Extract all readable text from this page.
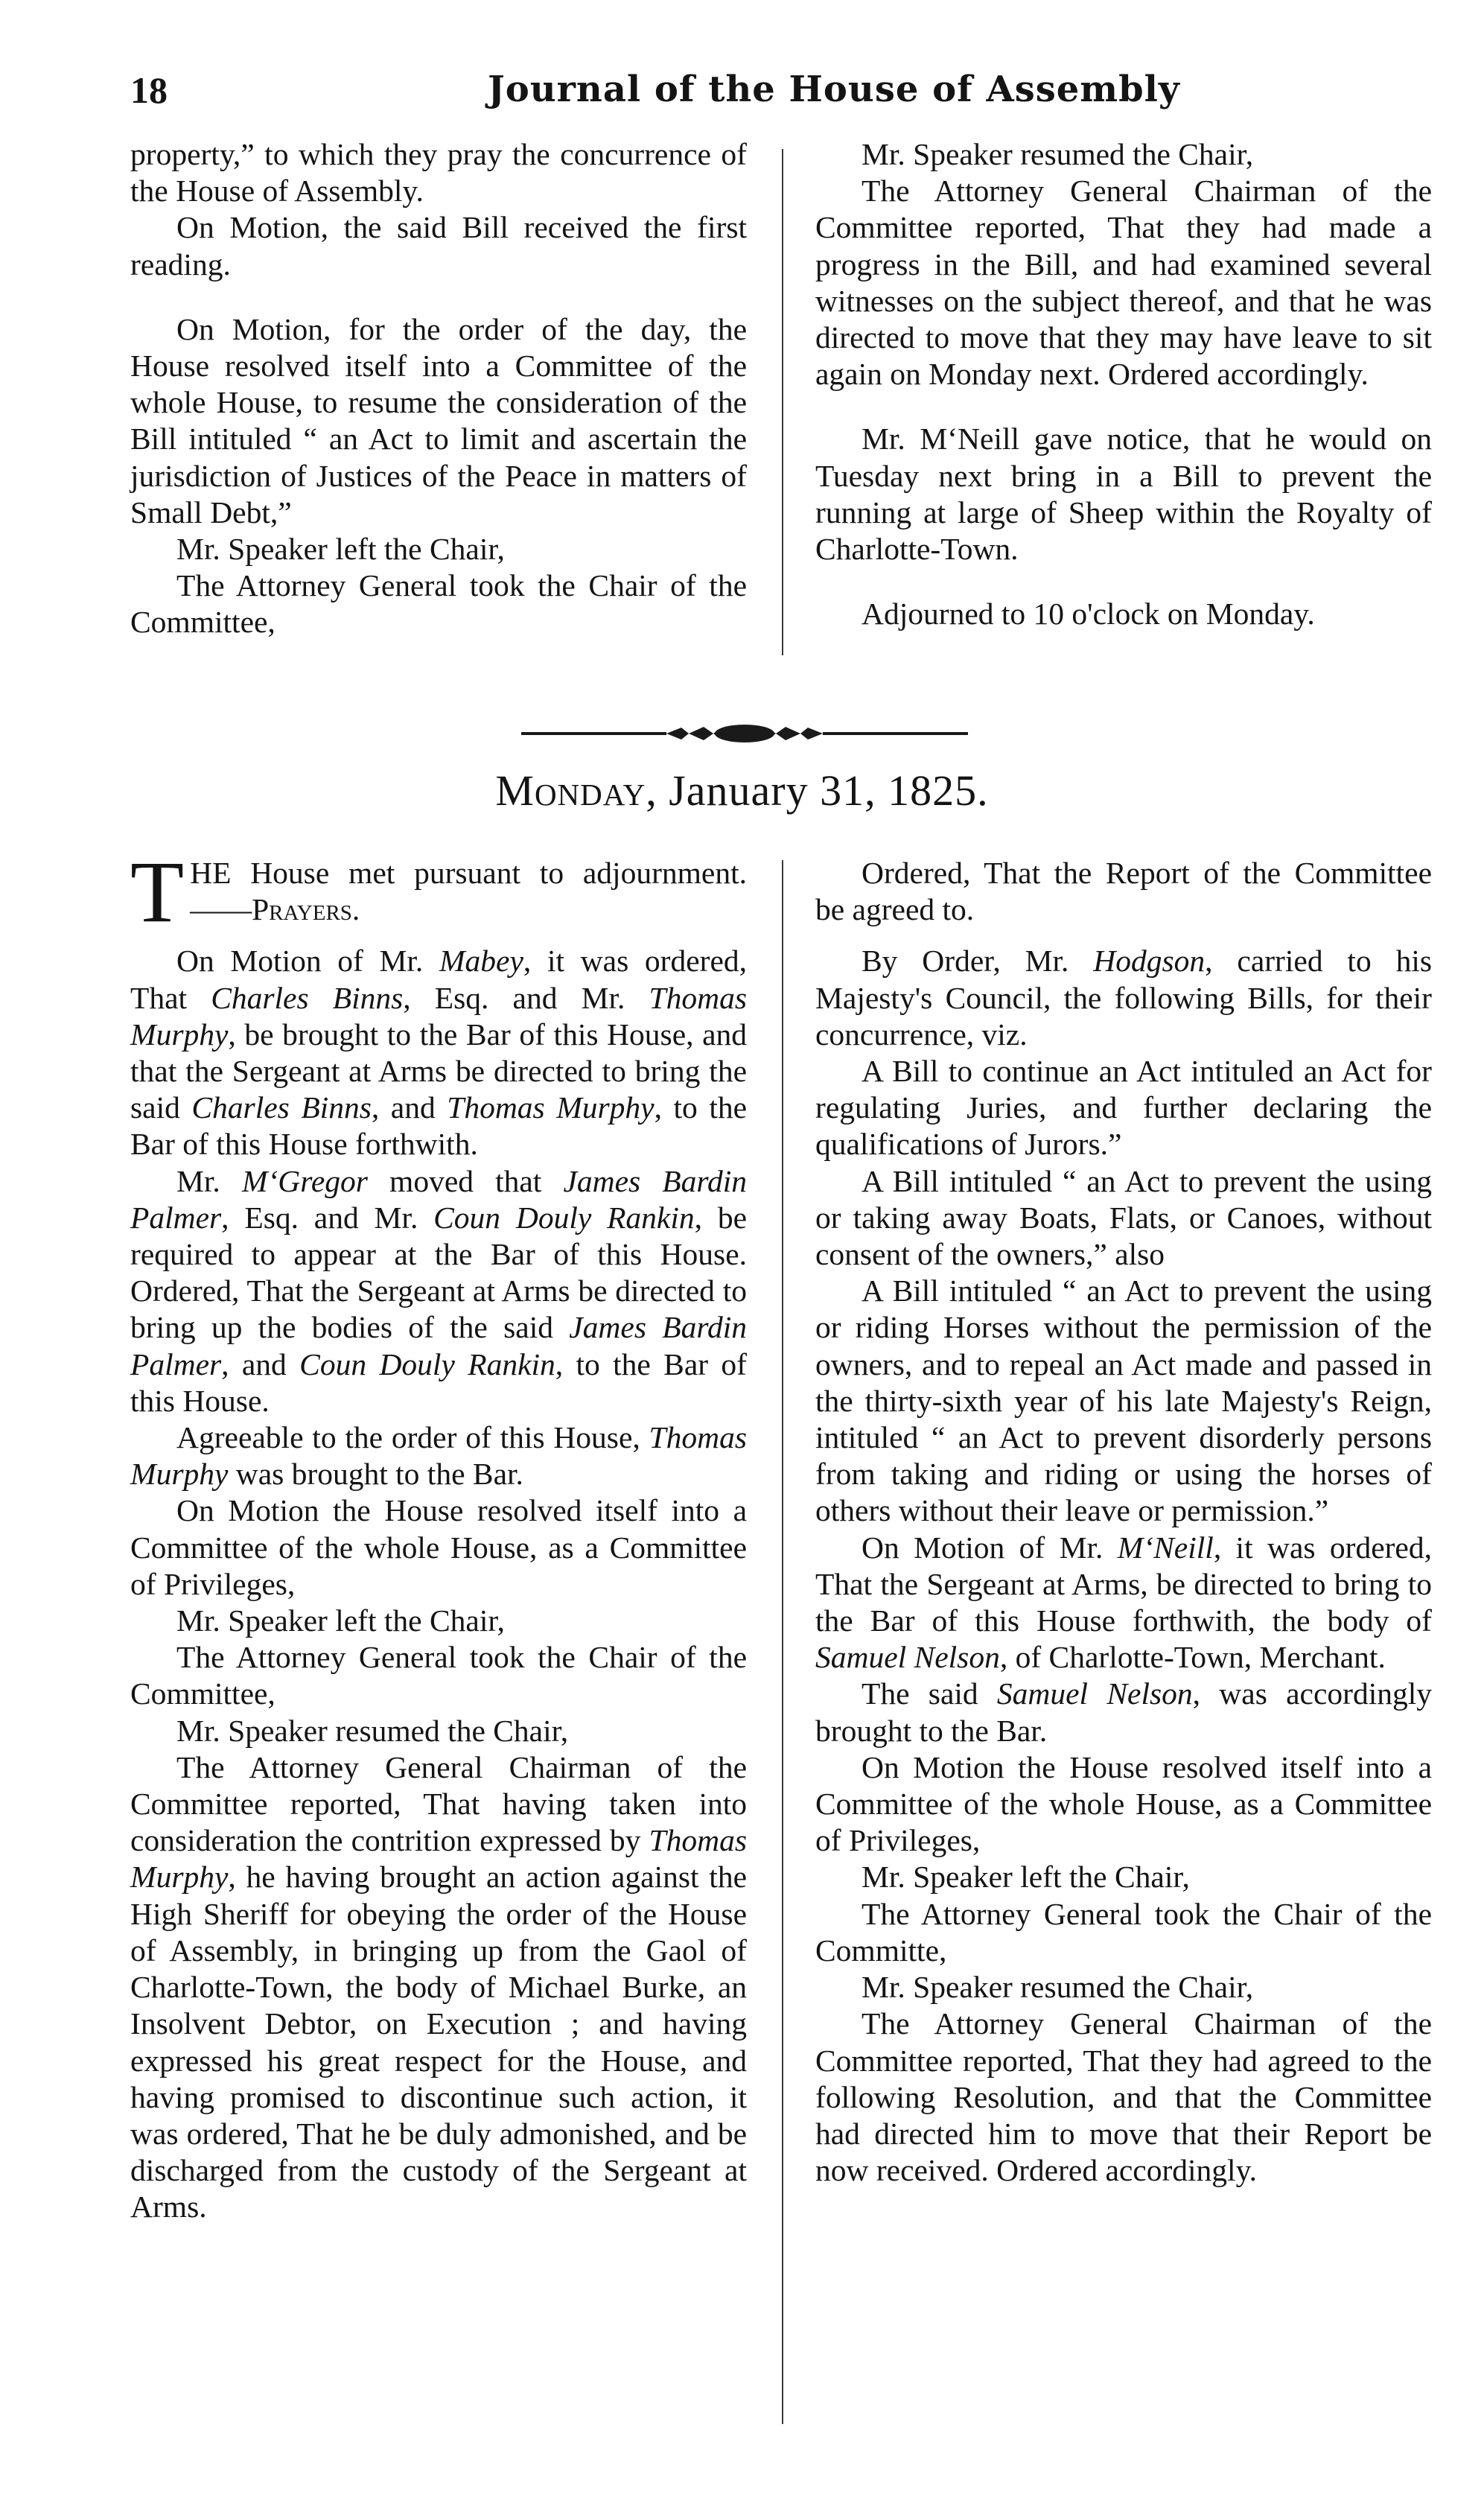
18	Journal of the House of Assembly

property,” to which they pray the concurrence of the House of Assembly.

On Motion, the said Bill received the first reading.

On Motion, for the order of the day, the House resolved itself into a Committee of the whole House, to resume the consideration of the Bill intituled “ an Act to limit and ascertain the jurisdiction of Justices of the Peace in matters of Small Debt,”

Mr. Speaker left the Chair,

The Attorney General took the Chair of the Committee,

Mr. Speaker resumed the Chair,

The Attorney General Chairman of the Committee reported, That they had made a progress in the Bill, and had examined several witnesses on the subject thereof, and that he was directed to move that they may have leave to sit again on Monday next. Ordered accordingly.

Mr. M‘Neill gave notice, that he would on Tuesday next bring in a Bill to prevent the running at large of Sheep within the Royalty of Charlotte-Town.

Adjourned to 10 o'clock on Monday.

Monday, January 31, 1825.

THE House met pursuant to adjournment.——Prayers.

On Motion of Mr. Mabey, it was ordered, That Charles Binns, Esq. and Mr. Thomas Murphy, be brought to the Bar of this House, and that the Sergeant at Arms be directed to bring the said Charles Binns, and Thomas Murphy, to the Bar of this House forthwith.

Mr. M‘Gregor moved that James Bardin Palmer, Esq. and Mr. Coun Douly Rankin, be required to appear at the Bar of this House. Ordered, That the Sergeant at Arms be directed to bring up the bodies of the said James Bardin Palmer, and Coun Douly Rankin, to the Bar of this House.

Agreeable to the order of this House, Thomas Murphy was brought to the Bar.

On Motion the House resolved itself into a Committee of the whole House, as a Committee of Privileges,

Mr. Speaker left the Chair,

The Attorney General took the Chair of the Committee,

Mr. Speaker resumed the Chair,

The Attorney General Chairman of the Committee reported, That having taken into consideration the contrition expressed by Thomas Murphy, he having brought an action against the High Sheriff for obeying the order of the House of Assembly, in bringing up from the Gaol of Charlotte-Town, the body of Michael Burke, an Insolvent Debtor, on Execution ; and having expressed his great respect for the House, and having promised to discontinue such action, it was ordered, That he be duly admonished, and be discharged from the custody of the Sergeant at Arms.

Ordered, That the Report of the Committee be agreed to.

By Order, Mr. Hodgson, carried to his Majesty's Council, the following Bills, for their concurrence, viz.

A Bill to continue an Act intituled an Act for regulating Juries, and further declaring the qualifications of Jurors.”

A Bill intituled “ an Act to prevent the using or taking away Boats, Flats, or Canoes, without consent of the owners,” also

A Bill intituled “ an Act to prevent the using or riding Horses without the permission of the owners, and to repeal an Act made and passed in the thirty-sixth year of his late Majesty's Reign, intituled “ an Act to prevent disorderly persons from taking and riding or using the horses of others without their leave or permission.”

On Motion of Mr. M‘Neill, it was ordered, That the Sergeant at Arms, be directed to bring to the Bar of this House forthwith, the body of Samuel Nelson, of Charlotte-Town, Merchant.

The said Samuel Nelson, was accordingly brought to the Bar.

On Motion the House resolved itself into a Committee of the whole House, as a Committee of Privileges,

Mr. Speaker left the Chair,

The Attorney General took the Chair of the Committe,

Mr. Speaker resumed the Chair,

The Attorney General Chairman of the Committee reported, That they had agreed to the following Resolution, and that the Committee had directed him to move that their Report be now received. Ordered accordingly.
